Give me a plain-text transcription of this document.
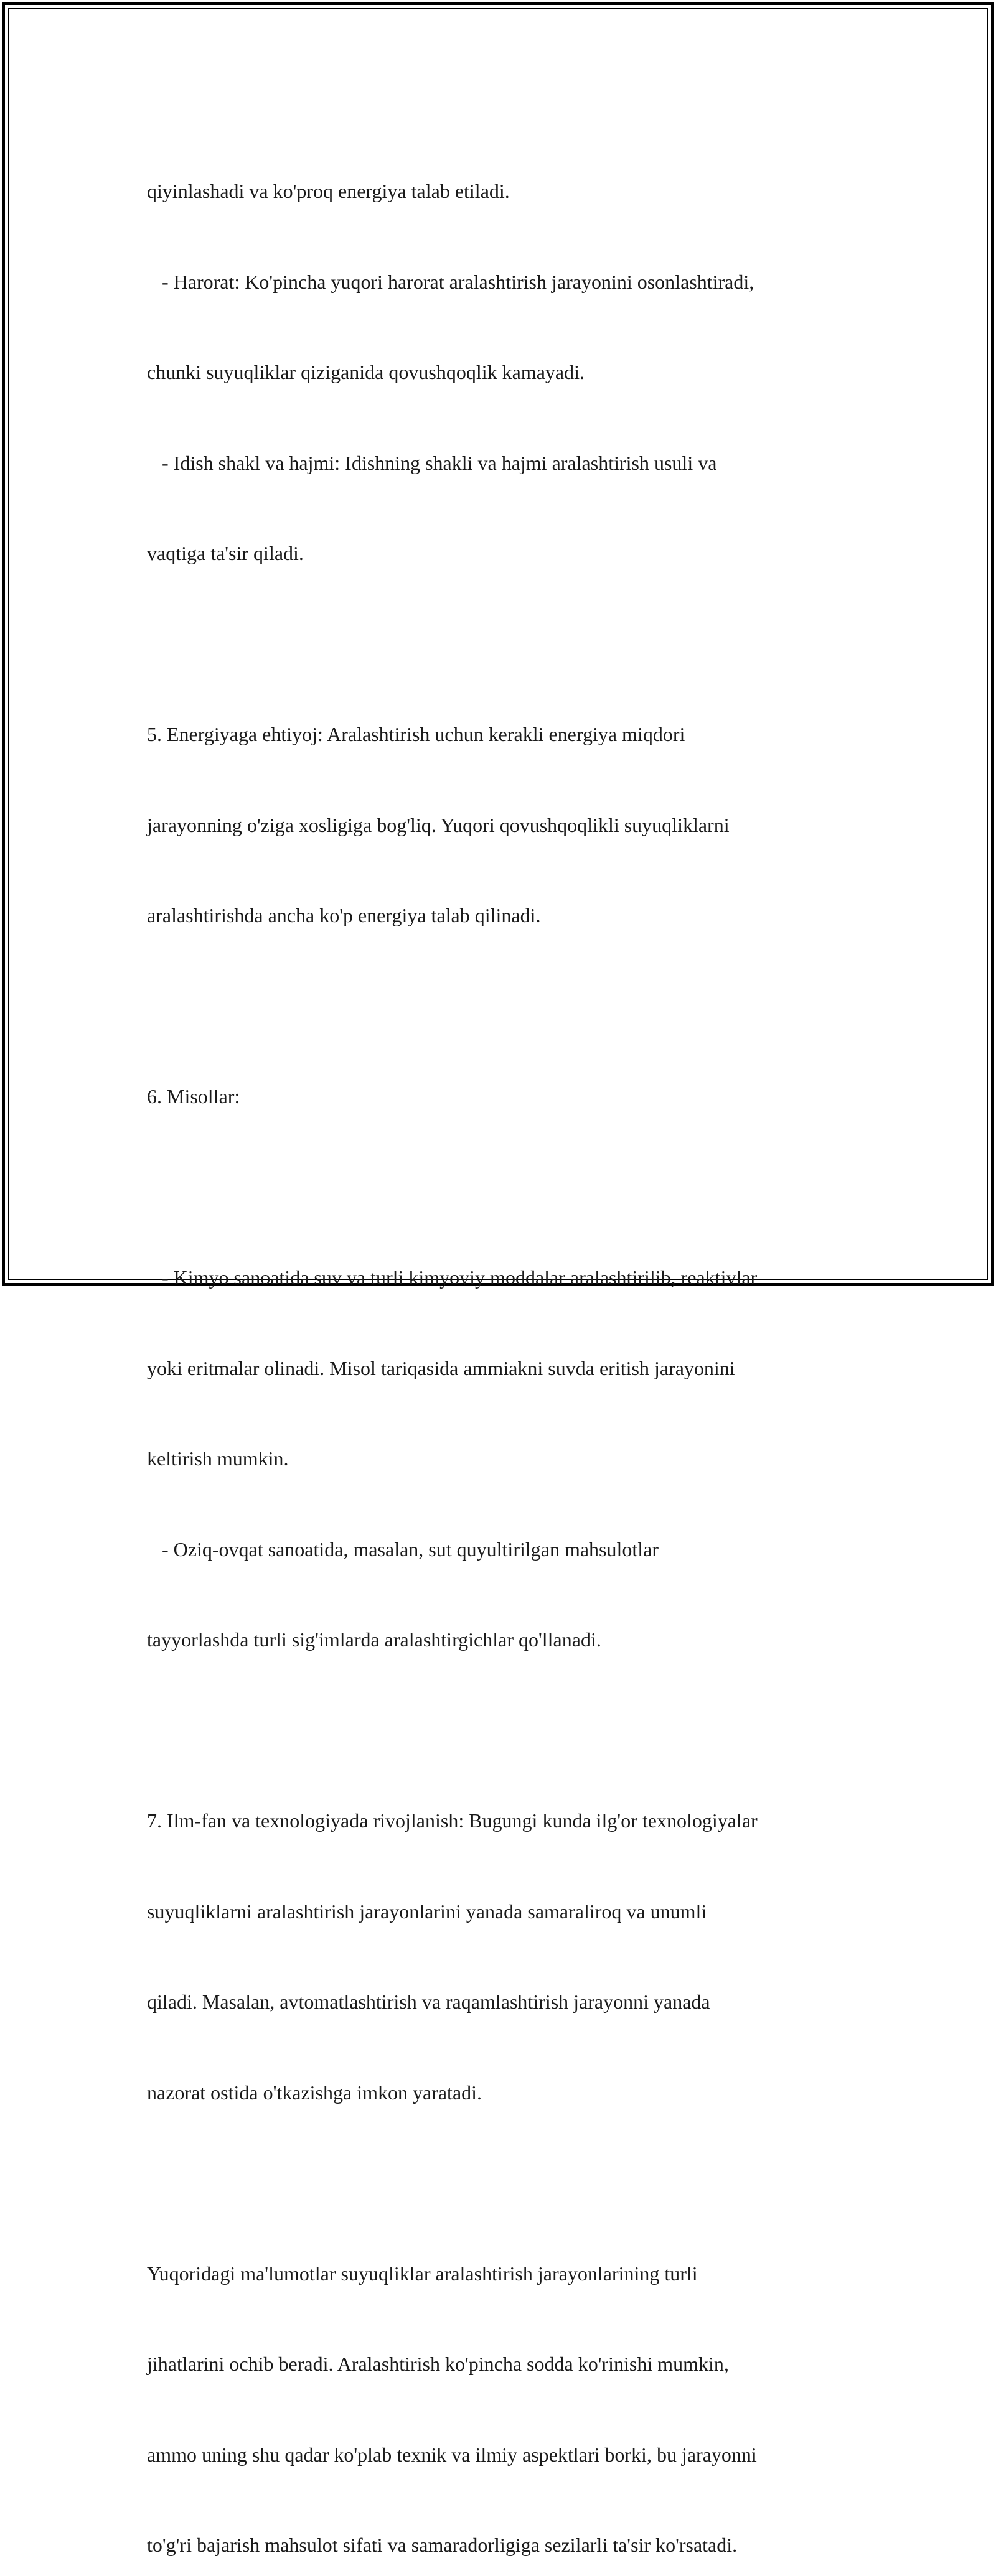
qiyinlashadi va ko'proq energiya talab etiladi.

- Harorat: Ko'pincha yuqori harorat aralashtirish jarayonini osonlashtiradi,

chunki suyuqliklar qiziganida qovushqoqlik kamayadi.

- Idish shakl va hajmi: Idishning shakli va hajmi aralashtirish usuli va

vaqtiga ta'sir qiladi.

5. Energiyaga ehtiyoj: Aralashtirish uchun kerakli energiya miqdori

jarayonning o'ziga xosligiga bog'liq. Yuqori qovushqoqlikli suyuqliklarni

aralashtirishda ancha ko'p energiya talab qilinadi.

6. Misollar:

- Kimyo sanoatida suv va turli kimyoviy moddalar aralashtirilib, reaktivlar

yoki eritmalar olinadi. Misol tariqasida ammiakni suvda eritish jarayonini

keltirish mumkin.

- Oziq-ovqat sanoatida, masalan, sut quyultirilgan mahsulotlar

tayyorlashda turli sig'imlarda aralashtirgichlar qo'llanadi.

7. Ilm-fan va texnologiyada rivojlanish: Bugungi kunda ilg'or texnologiyalar

suyuqliklarni aralashtirish jarayonlarini yanada samaraliroq va unumli

qiladi. Masalan, avtomatlashtirish va raqamlashtirish jarayonni yanada

nazorat ostida o'tkazishga imkon yaratadi.

Yuqoridagi ma'lumotlar suyuqliklar aralashtirish jarayonlarining turli

jihatlarini ochib beradi. Aralashtirish ko'pincha sodda ko'rinishi mumkin,

ammo uning shu qadar ko'plab texnik va ilmiy aspektlari borki, bu jarayonni

to'g'ri bajarish mahsulot sifati va samaradorligiga sezilarli ta'sir ko'rsatadi.
